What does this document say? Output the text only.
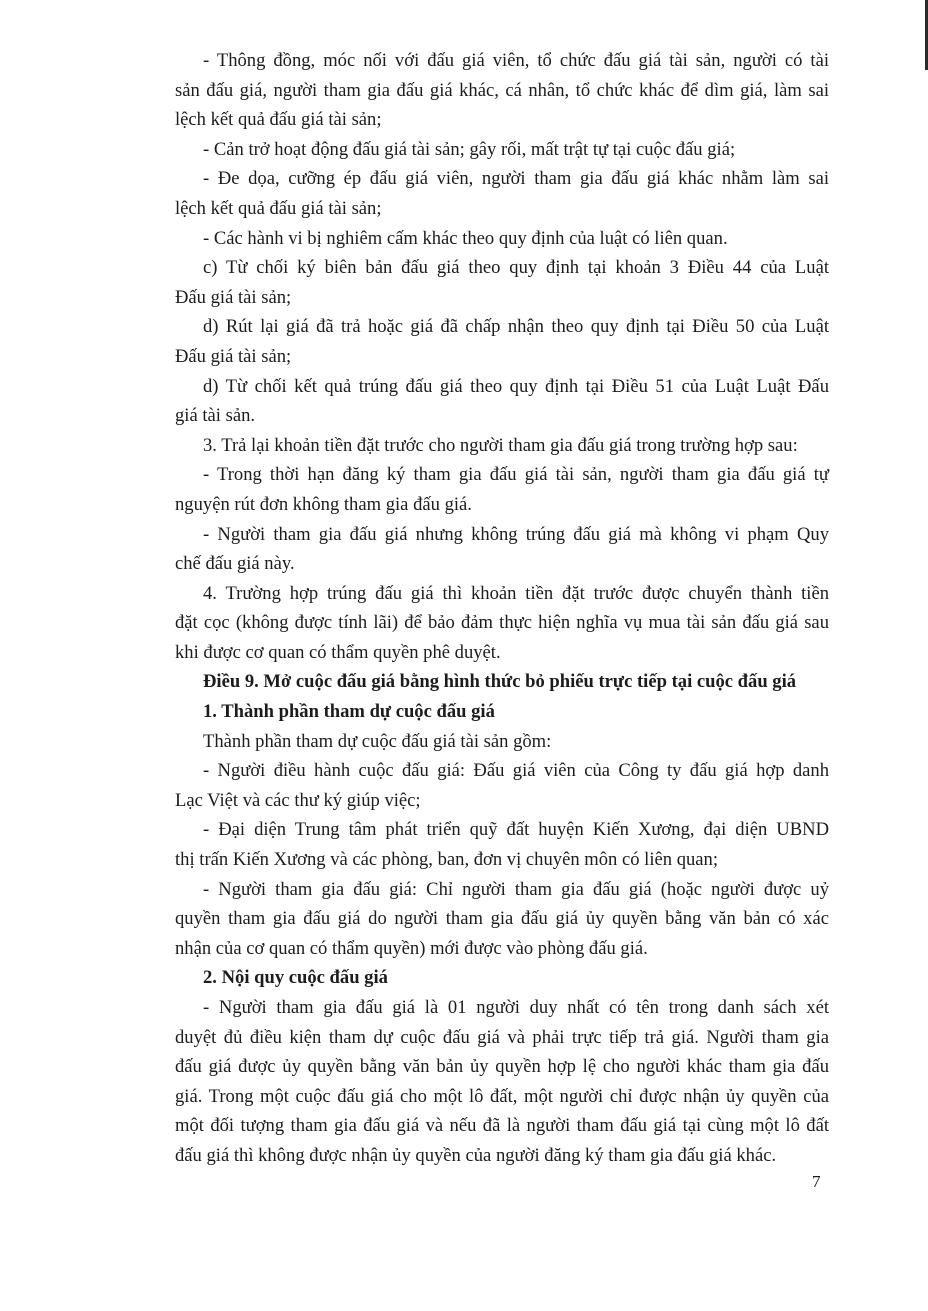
- Thông đồng, móc nối với đấu giá viên, tổ chức đấu giá tài sản, người có tài

sản đấu giá, người tham gia đấu giá khác, cá nhân, tổ chức khác để dìm giá, làm sai

lệch kết quả đấu giá tài sản;

- Cản trở hoạt động đấu giá tài sản; gây rối, mất trật tự tại cuộc đấu giá;

- Đe dọa, cưỡng ép đấu giá viên, người tham gia đấu giá khác nhằm làm sai

lệch kết quả đấu giá tài sản;

- Các hành vi bị nghiêm cấm khác theo quy định của luật có liên quan.

c) Từ chối ký biên bản đấu giá theo quy định tại khoản 3 Điều 44 của Luật

Đấu giá tài sản;

d) Rút lại giá đã trả hoặc giá đã chấp nhận theo quy định tại Điều 50 của Luật

Đấu giá tài sản;

d) Từ chối kết quả trúng đấu giá theo quy định tại Điều 51 của Luật Luật Đấu

giá tài sản.

3. Trả lại khoản tiền đặt trước cho người tham gia đấu giá trong trường hợp sau:

- Trong thời hạn đăng ký tham gia đấu giá tài sản, người tham gia đấu giá tự

nguyện rút đơn không tham gia đấu giá.

- Người tham gia đấu giá nhưng không trúng đấu giá mà không vi phạm Quy

chế đấu giá này.

4. Trường hợp trúng đấu giá thì khoản tiền đặt trước được chuyển thành tiền

đặt cọc (không được tính lãi) để bảo đảm thực hiện nghĩa vụ mua tài sản đấu giá sau

khi được cơ quan có thẩm quyền phê duyệt.

Điều 9. Mở cuộc đấu giá bằng hình thức bỏ phiếu trực tiếp tại cuộc đấu giá

1. Thành phần tham dự cuộc đấu giá

Thành phần tham dự cuộc đấu giá tài sản gồm:

- Người điều hành cuộc đấu giá: Đấu giá viên của Công ty đấu giá hợp danh

Lạc Việt và các thư ký giúp việc;

- Đại diện Trung tâm phát triển quỹ đất huyện Kiến Xương, đại diện UBND

thị trấn Kiến Xương và các phòng, ban, đơn vị chuyên môn có liên quan;

- Người tham gia đấu giá: Chỉ người tham gia đấu giá (hoặc người được uỷ

quyền tham gia đấu giá do người tham gia đấu giá ủy quyền bằng văn bản có xác

nhận của cơ quan có thẩm quyền) mới được vào phòng đấu giá.

2. Nội quy cuộc đấu giá

- Người tham gia đấu giá là 01 người duy nhất có tên trong danh sách xét

duyệt đủ điều kiện tham dự cuộc đấu giá và phải trực tiếp trả giá. Người tham gia

đấu giá được ủy quyền bằng văn bản ủy quyền hợp lệ cho người khác tham gia đấu

giá. Trong một cuộc đấu giá cho một lô đất, một người chỉ được nhận ủy quyền của

một đối tượng tham gia đấu giá và nếu đã là người tham đấu giá tại cùng một lô đất

đấu giá thì không được nhận ủy quyền của người đăng ký tham gia đấu giá khác.

7
